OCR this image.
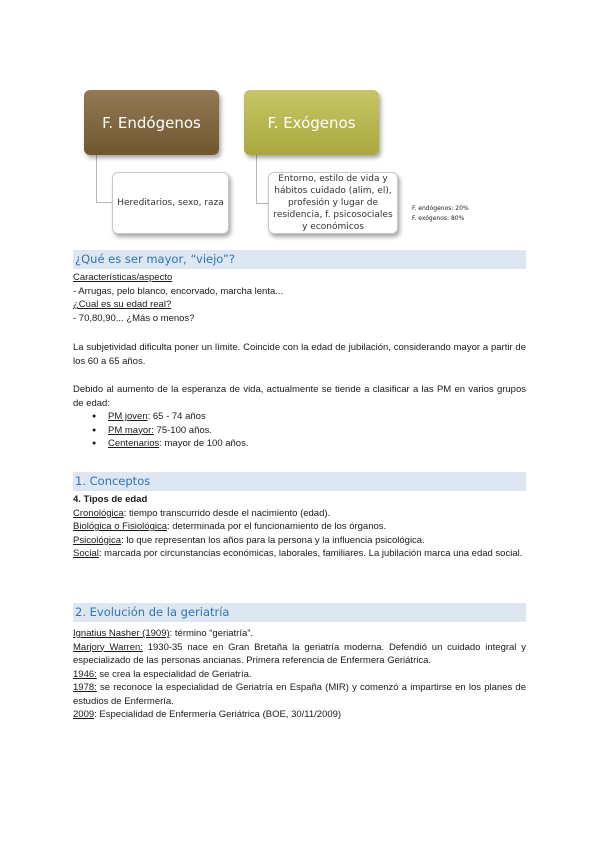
F. Endógenos	F. Exógenos
Hereditarios, sexo, raza
Entorno, estilo de vida y hábitos cuidado (alim, el), profesión y lugar de residencia, f. psicosociales y económicos
F. endógenos: 20%
F. exógenos: 80%
¿Qué es ser mayor, “viejo”?
Características/aspecto
- Arrugas, pelo blanco, encorvado, marcha lenta...
¿Cual es su edad real?
- 70,80,90... ¿Más o menos?
La subjetividad dificulta poner un límite. Coincide con la edad de jubilación, considerando mayor a partir de los 60 a 65 años.
Debido al aumento de la esperanza de vida, actualmente se tiende a clasificar a las PM en varios grupos de edad:
● PM joven: 65 - 74 años
● PM mayor: 75-100 años.
● Centenarios: mayor de 100 años.
1. Conceptos
4. Tipos de edad
Cronológica: tiempo transcurrido desde el nacimiento (edad).
Biológica o Fisiológica: determinada por el funcionamiento de los órganos.
Psicológica: lo que representan los años para la persona y la influencia psicológica.
Social: marcada por circunstancias económicas, laborales, familiares. La jubilación marca una edad social.
2. Evolución de la geriatría
Ignatius Nasher (1909): término “geriatría”.
Marjory Warren: 1930-35 nace en Gran Bretaña la geriatría moderna. Defendió un cuidado integral y especializado de las personas ancianas. Primera referencia de Enfermera Geriátrica.
1946: se crea la especialidad de Geriatría.
1978: se reconoce la especialidad de Geriatría en España (MIR) y comenzó a impartirse en los planes de estudios de Enfermería.
2009: Especialidad de Enfermería Geriátrica (BOE, 30/11/2009)
